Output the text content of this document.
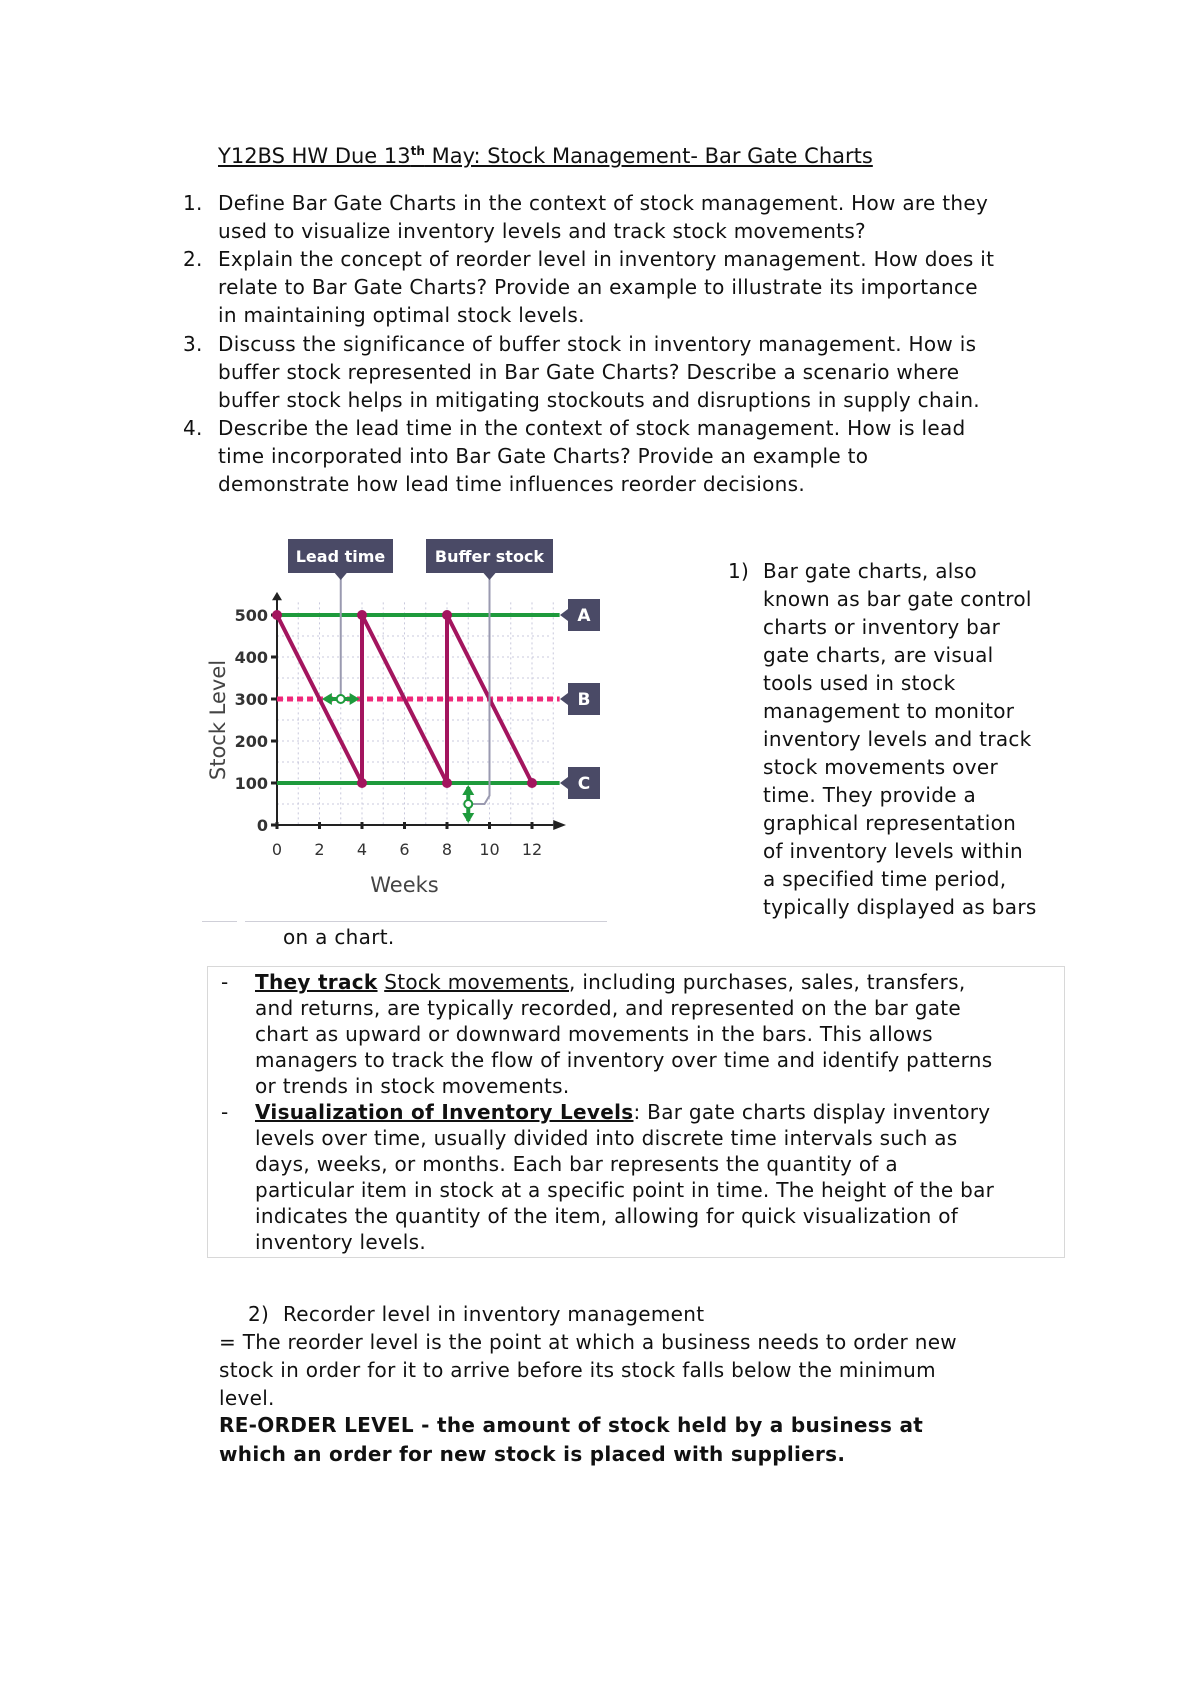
Y12BS HW Due 13th May: Stock Management- Bar Gate Charts
1. Define Bar Gate Charts in the context of stock management. How are they
used to visualize inventory levels and track stock movements?
2. Explain the concept of reorder level in inventory management. How does it
relate to Bar Gate Charts? Provide an example to illustrate its importance
in maintaining optimal stock levels.
3. Discuss the significance of buffer stock in inventory management. How is
buffer stock represented in Bar Gate Charts? Describe a scenario where
buffer stock helps in mitigating stockouts and disruptions in supply chain.
4. Describe the lead time in the context of stock management. How is lead
time incorporated into Bar Gate Charts? Provide an example to
demonstrate how lead time influences reorder decisions.
0 2 4 6 8 10 12
0
100
200
300
400
500
Weeks
Stock Level
A
B
C
Lead time	Buffer stock
1) Bar gate charts, also
known as bar gate control
charts or inventory bar
gate charts, are visual
tools used in stock
management to monitor
inventory levels and track
stock movements over
time. They provide a
graphical representation
of inventory levels within
a specified time period,
typically displayed as bars
on a chart.
- They track Stock movements, including purchases, sales, transfers,
and returns, are typically recorded, and represented on the bar gate
chart as upward or downward movements in the bars. This allows
managers to track the flow of inventory over time and identify patterns
or trends in stock movements.
- Visualization of Inventory Levels: Bar gate charts display inventory
levels over time, usually divided into discrete time intervals such as
days, weeks, or months. Each bar represents the quantity of a
particular item in stock at a specific point in time. The height of the bar
indicates the quantity of the item, allowing for quick visualization of
inventory levels.
2) Recorder level in inventory management
= The reorder level is the point at which a business needs to order new
stock in order for it to arrive before its stock falls below the minimum
level.
RE-ORDER LEVEL - the amount of stock held by a business at
which an order for new stock is placed with suppliers.
